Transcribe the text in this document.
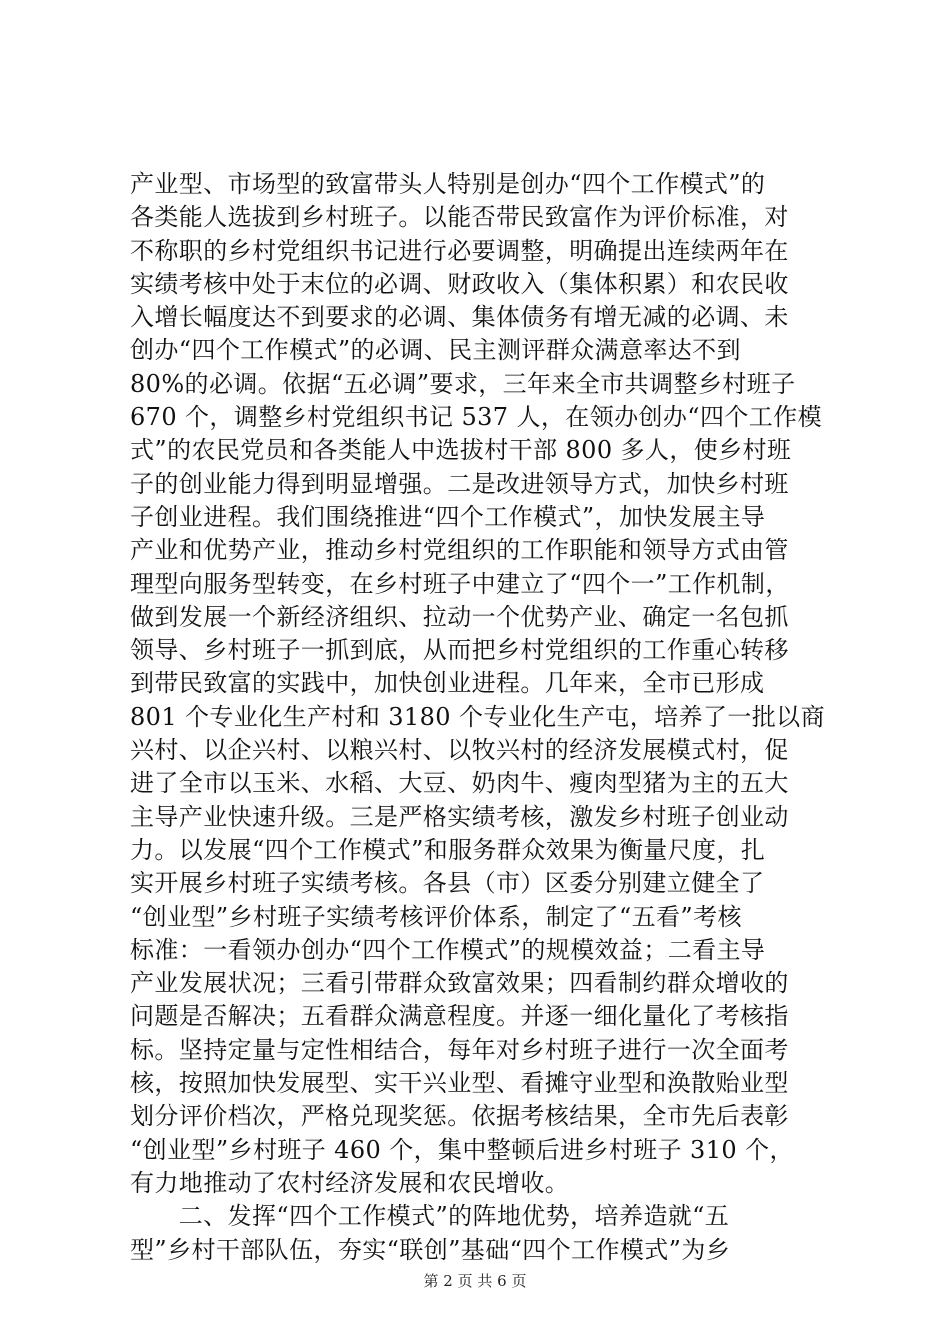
产业型、市场型的致富带头人特别是创办“四个工作模式”的
各类能人选拔到乡村班子。以能否带民致富作为评价标准，对
不称职的乡村党组织书记进行必要调整，明确提出连续两年在
实绩考核中处于末位的必调、财政收入（集体积累）和农民收
入增长幅度达不到要求的必调、集体债务有增无减的必调、未
创办“四个工作模式”的必调、民主测评群众满意率达不到
80%的必调。依据“五必调”要求，三年来全市共调整乡村班子
670 个，调整乡村党组织书记 537 人，在领办创办“四个工作模
式”的农民党员和各类能人中选拔村干部 800 多人，使乡村班
子的创业能力得到明显增强。二是改进领导方式，加快乡村班
子创业进程。我们围绕推进“四个工作模式”，加快发展主导
产业和优势产业，推动乡村党组织的工作职能和领导方式由管
理型向服务型转变，在乡村班子中建立了“四个一”工作机制，
做到发展一个新经济组织、拉动一个优势产业、确定一名包抓
领导、乡村班子一抓到底，从而把乡村党组织的工作重心转移
到带民致富的实践中，加快创业进程。几年来，全市已形成
801 个专业化生产村和 3180 个专业化生产屯，培养了一批以商
兴村、以企兴村、以粮兴村、以牧兴村的经济发展模式村，促
进了全市以玉米、水稻、大豆、奶肉牛、瘦肉型猪为主的五大
主导产业快速升级。三是严格实绩考核，激发乡村班子创业动
力。以发展“四个工作模式”和服务群众效果为衡量尺度，扎
实开展乡村班子实绩考核。各县（市）区委分别建立健全了
“创业型”乡村班子实绩考核评价体系，制定了“五看”考核
标准：一看领办创办“四个工作模式”的规模效益；二看主导
产业发展状况；三看引带群众致富效果；四看制约群众增收的
问题是否解决；五看群众满意程度。并逐一细化量化了考核指
标。坚持定量与定性相结合，每年对乡村班子进行一次全面考
核，按照加快发展型、实干兴业型、看摊守业型和涣散贻业型
划分评价档次，严格兑现奖惩。依据考核结果，全市先后表彰
“创业型”乡村班子 460 个，集中整顿后进乡村班子 310 个，
有力地推动了农村经济发展和农民增收。
　　二、发挥“四个工作模式”的阵地优势，培养造就“五
型”乡村干部队伍，夯实“联创”基础“四个工作模式”为乡
第 2 页 共 6 页
